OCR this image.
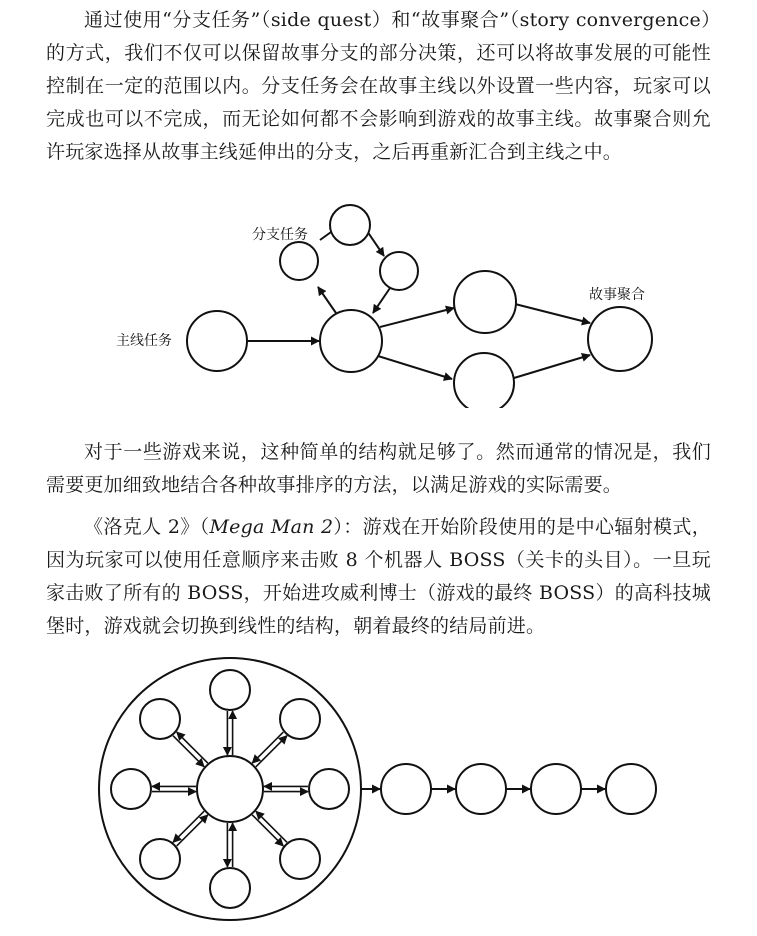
通过使用“分支任务”（side quest）和“故事聚合”（story convergence）的方式，我们不仅可以保留故事分支的部分决策，还可以将故事发展的可能性控制在一定的范围以内。分支任务会在故事主线以外设置一些内容，玩家可以完成也可以不完成，而无论如何都不会影响到游戏的故事主线。故事聚合则允许玩家选择从故事主线延伸出的分支，之后再重新汇合到主线之中。

分支任务
主线任务
故事聚合

对于一些游戏来说，这种简单的结构就足够了。然而通常的情况是，我们需要更加细致地结合各种故事排序的方法，以满足游戏的实际需要。

《洛克人 2》（Mega Man 2）：游戏在开始阶段使用的是中心辐射模式，因为玩家可以使用任意顺序来击败 8 个机器人 BOSS（关卡的头目）。一旦玩家击败了所有的 BOSS，开始进攻威利博士（游戏的最终 BOSS）的高科技城堡时，游戏就会切换到线性的结构，朝着最终的结局前进。
